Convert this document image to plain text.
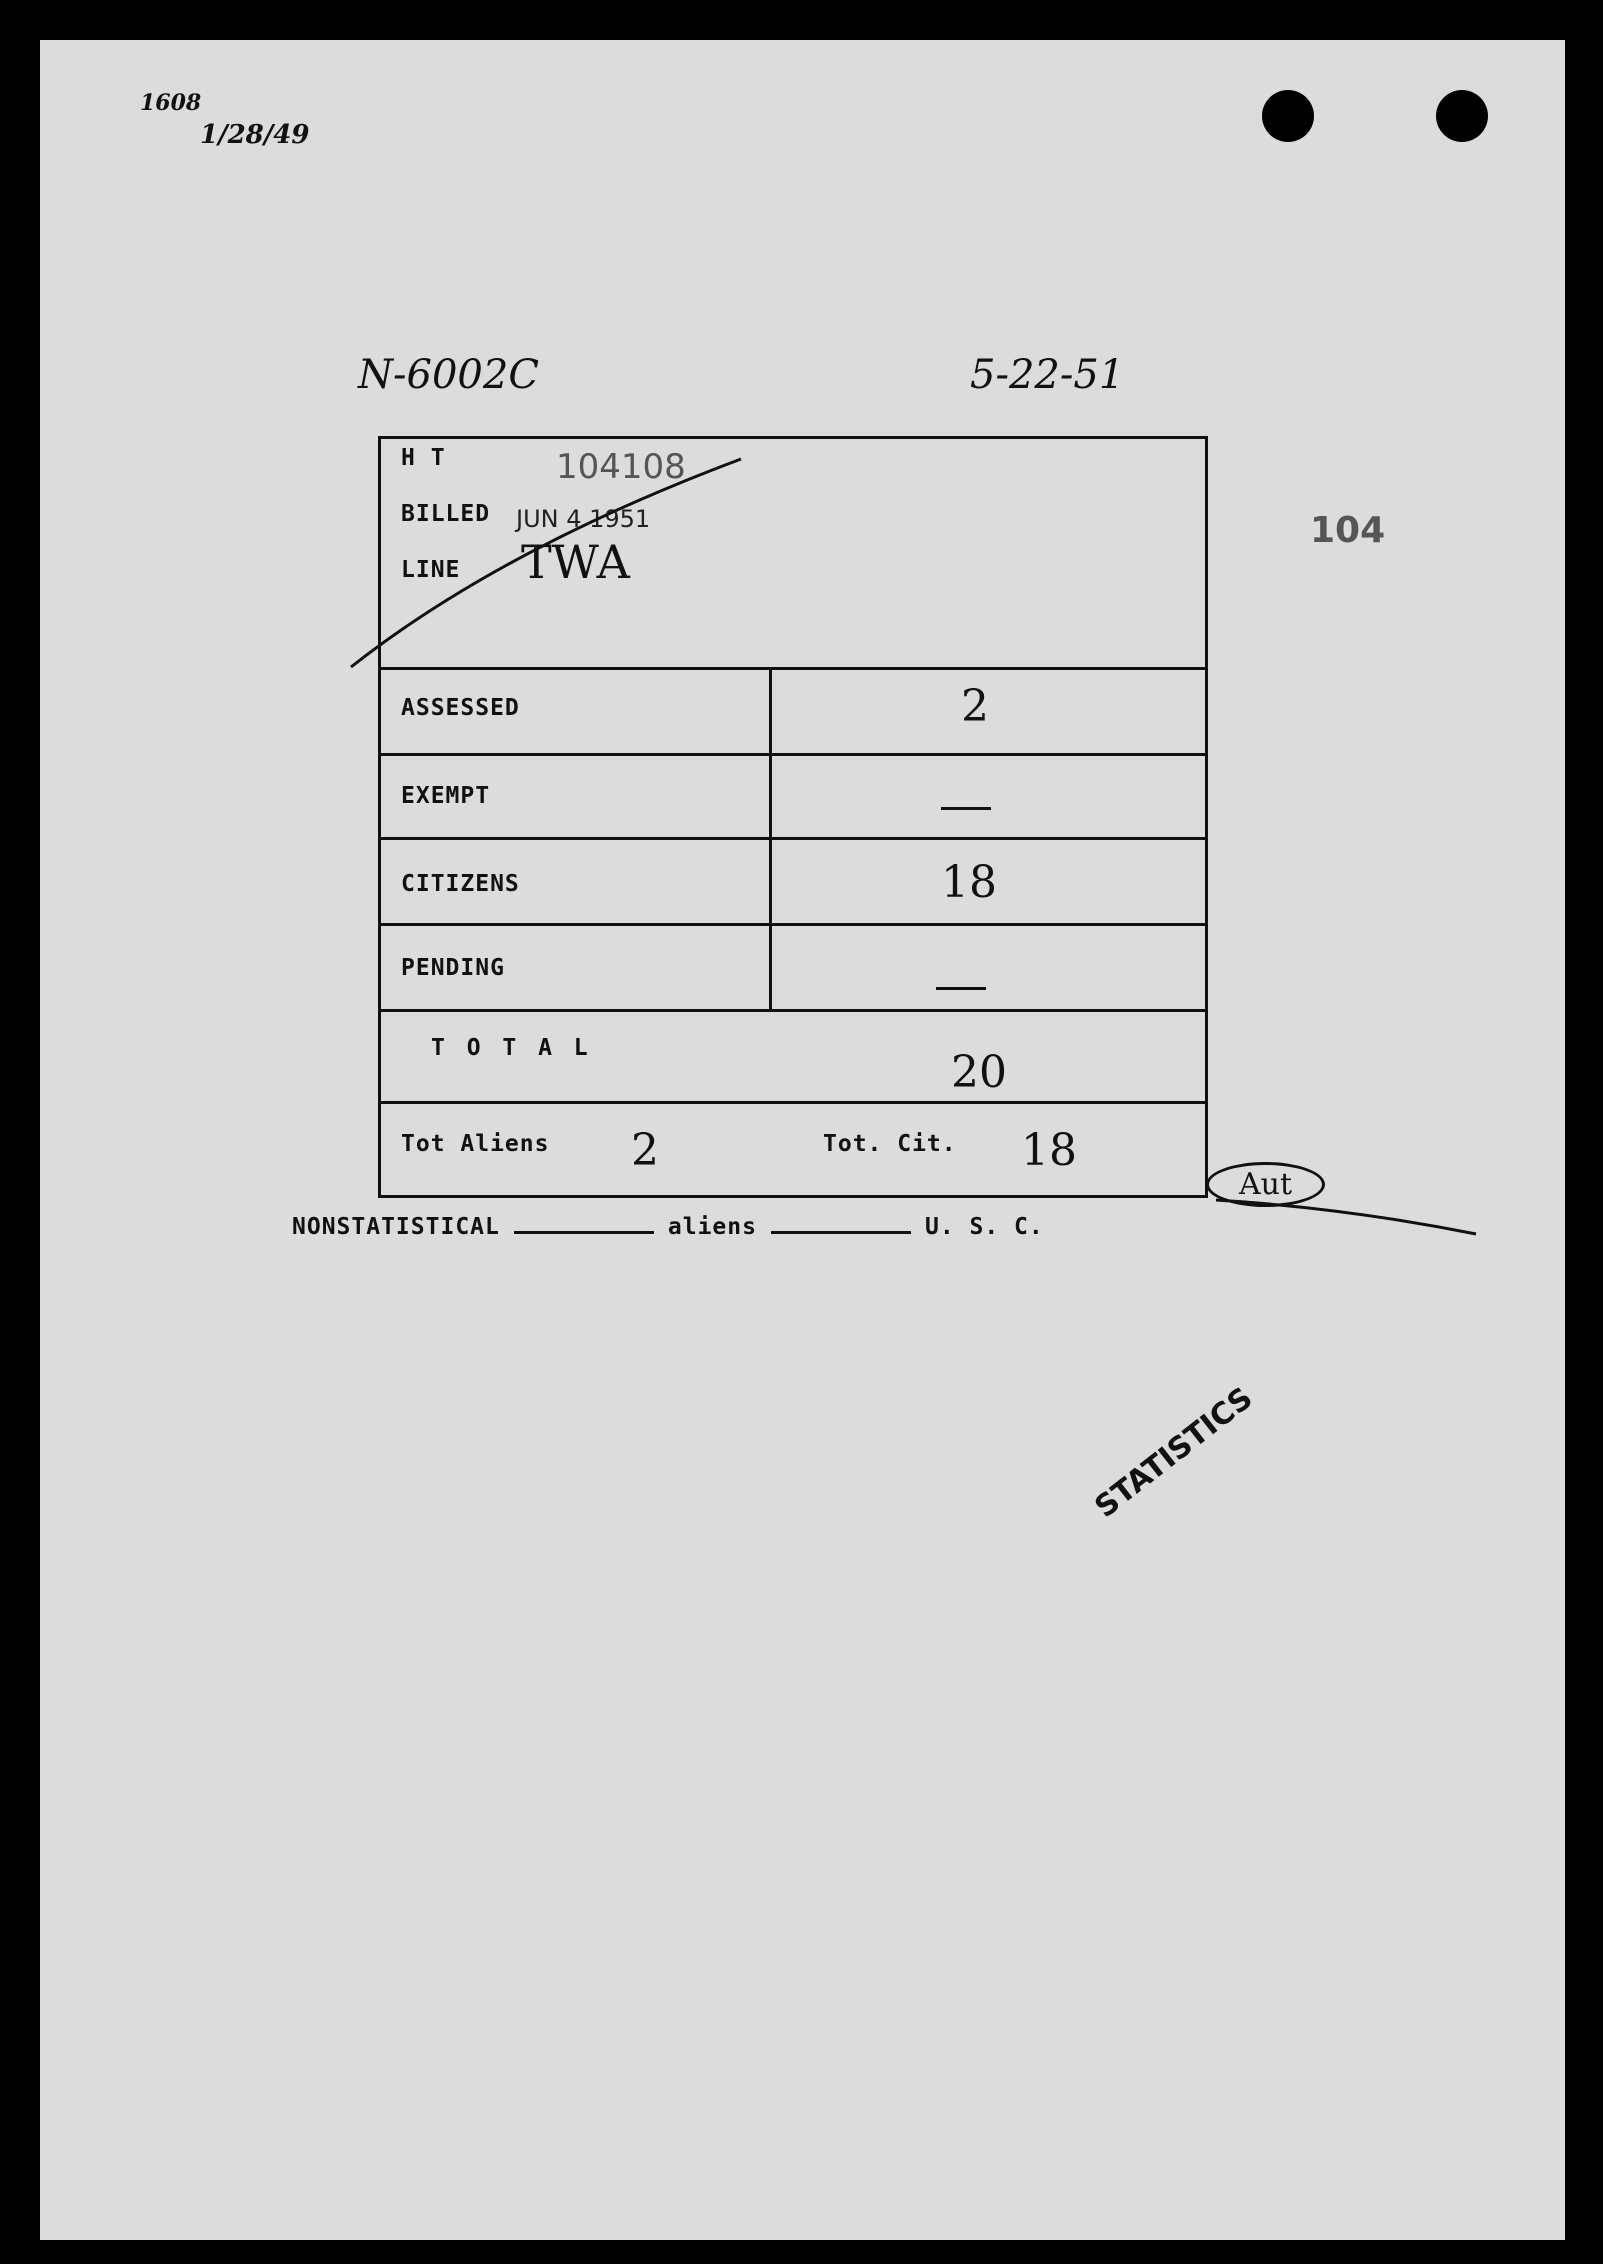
1608
1/28/49
N-6002C	5-22-51
104
H T	104108
BILLED JUN 4 1951
LINE TWA
ASSESSED	2
EXEMPT
CITIZENS	18
PENDING
T O T A L	20
Tot Aliens 2	Tot. Cit. 18
Aut
NONSTATISTICAL	aliens	U. S. C.
STATISTICS
